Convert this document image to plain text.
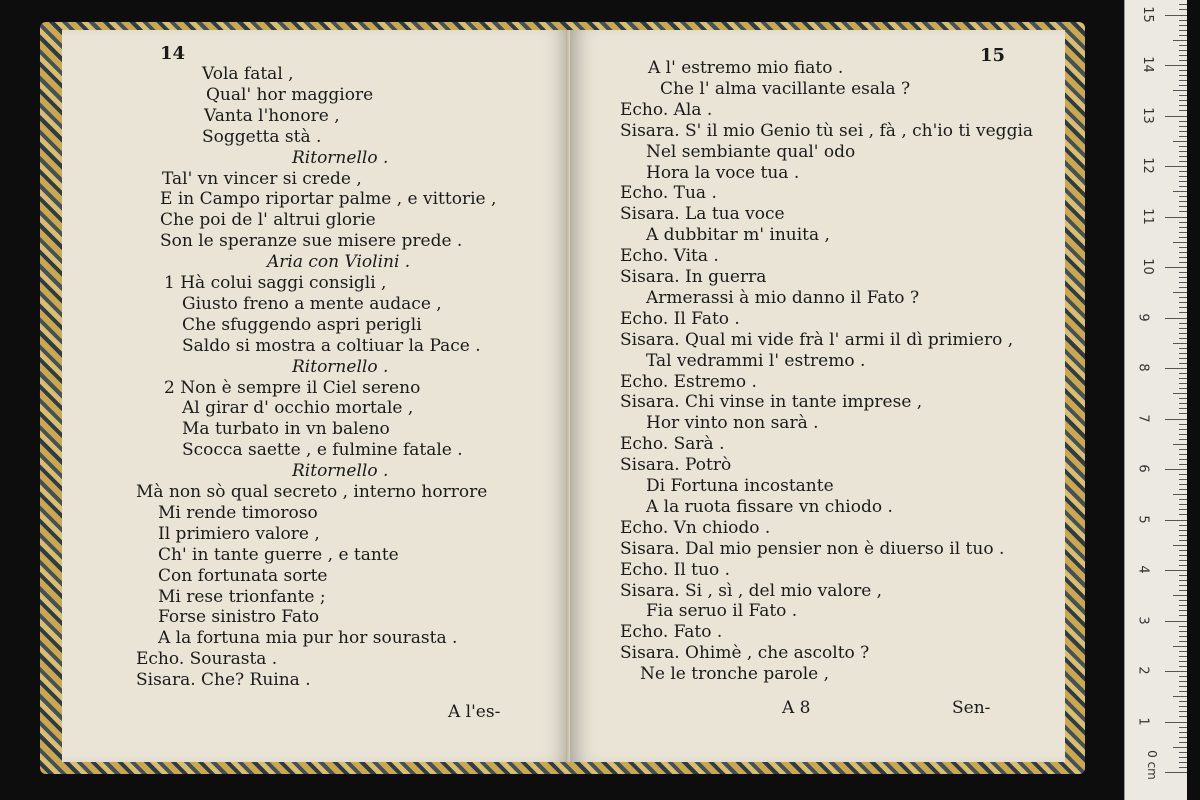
14
Vola fatal ,
Qual' hor maggiore
Vanta l'honore ,
Soggetta stà .
Ritornello .
Tal' vn vincer si crede ,
E in Campo riportar palme , e vittorie ,
Che poi de l' altrui glorie
Son le speranze sue misere prede .
Aria con Violini .
1 Hà colui saggi consigli ,
Giusto freno a mente audace ,
Che sfuggendo aspri perigli
Saldo si mostra a coltiuar la Pace .
Ritornello .
2 Non è sempre il Ciel sereno
Al girar d' occhio mortale ,
Ma turbato in vn baleno
Scocca saette , e fulmine fatale .
Ritornello .
Mà non sò qual secreto , interno horrore
Mi rende timoroso
Il primiero valore ,
Ch' in tante guerre , e tante
Con fortunata sorte
Mi rese trionfante ;
Forse sinistro Fato
A la fortuna mia pur hor sourasta .
Echo. Sourasta .
Sisara. Che? Ruina .
A l'es-
15
A l' estremo mio fiato .
Che l' alma vacillante esala ?
Echo. Ala .
Sisara. S' il mio Genio tù sei , fà , ch'io ti veggia
Nel sembiante qual' odo
Hora la voce tua .
Echo. Tua .
Sisara. La tua voce
A dubbitar m' inuita ,
Echo. Vita .
Sisara. In guerra
Armerassi à mio danno il Fato ?
Echo. Il Fato .
Sisara. Qual mi vide frà l' armi il dì primiero ,
Tal vedrammi l' estremo .
Echo. Estremo .
Sisara. Chi vinse in tante imprese ,
Hor vinto non sarà .
Echo. Sarà .
Sisara. Potrò
Di Fortuna incostante
A la ruota fissare vn chiodo .
Echo. Vn chiodo .
Sisara. Dal mio pensier non è diuerso il tuo .
Echo. Il tuo .
Sisara. Si , sì , del mio valore ,
Fia seruo il Fato .
Echo. Fato .
Sisara. Ohimè , che ascolto ?
Ne le tronche parole ,
A 8	Sen-
15
14
13
12
11
10
9
8
7
6
5
4
3
2
1
0 cm
